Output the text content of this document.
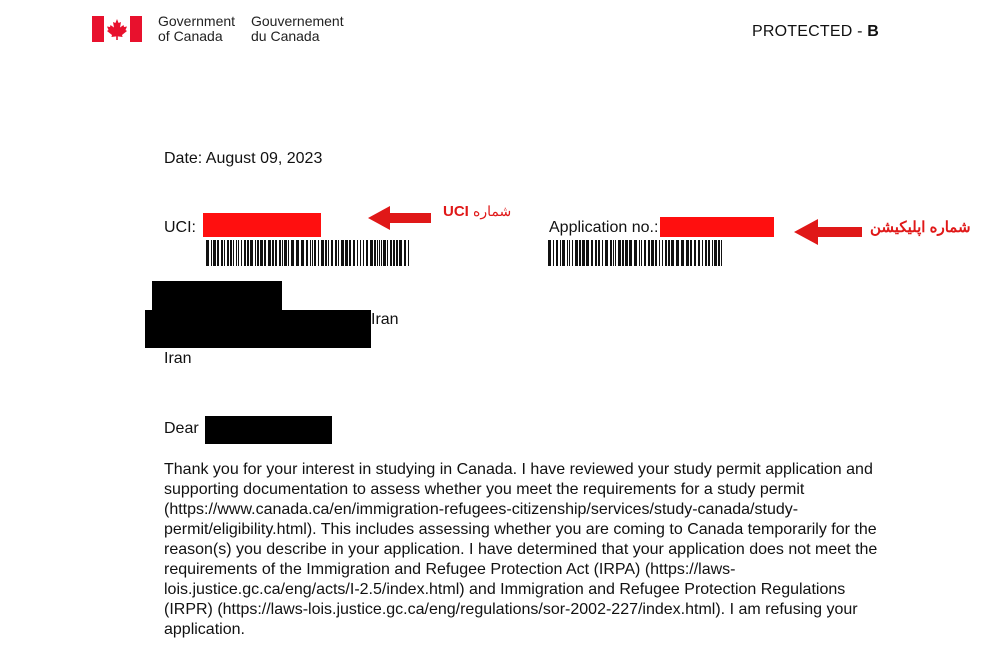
Government
of Canada
Gouvernement
du Canada	PROTECTED - B
Date: August 09, 2023
UCI:
UCI شماره
Application no.:	شماره اپلیکیشن
Iran
Iran
Dear
Thank you for your interest in studying in Canada. I have reviewed your study permit application and supporting documentation to assess whether you meet the requirements for a study permit (https://www.canada.ca/en/immigration-refugees-citizenship/services/study-canada/study-permit/eligibility.html). This includes assessing whether you are coming to Canada temporarily for the reason(s) you describe in your application. I have determined that your application does not meet the requirements of the Immigration and Refugee Protection Act (IRPA) (https://laws-lois.justice.gc.ca/eng/acts/I-2.5/index.html) and Immigration and Refugee Protection Regulations (IRPR) (https://laws-lois.justice.gc.ca/eng/regulations/sor-2002-227/index.html). I am refusing your application.
